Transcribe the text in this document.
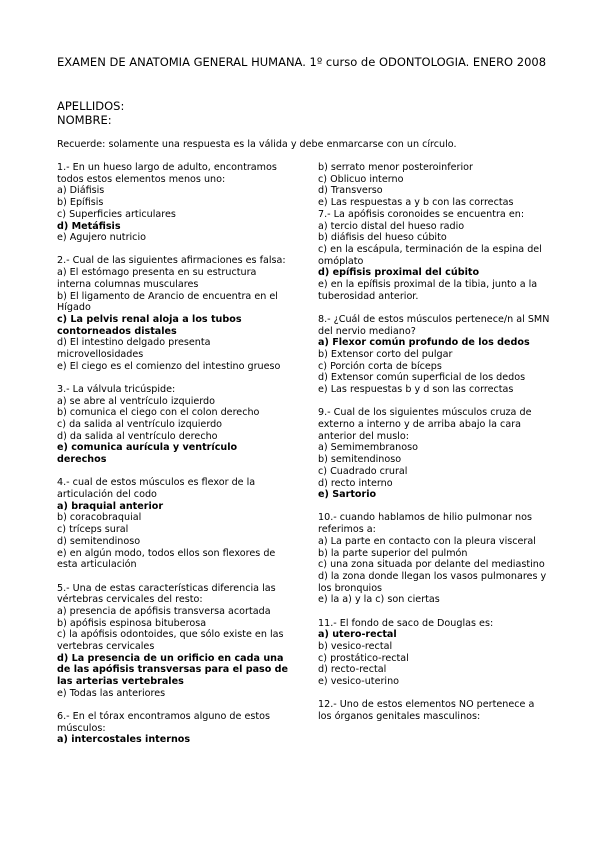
EXAMEN DE ANATOMIA GENERAL HUMANA. 1º curso de ODONTOLOGIA. ENERO 2008
APELLIDOS:
NOMBRE:
Recuerde: solamente una respuesta es la válida y debe enmarcarse con un círculo.
1.- En un hueso largo de adulto, encontramos todos estos elementos menos uno:
a) Diáfisis
b) Epífisis
c) Superficies articulares
d) Metáfisis
e) Agujero nutricio
2.- Cual de las siguientes afirmaciones es falsa:
a) El estómago presenta en su estructura interna columnas musculares
b) El ligamento de Arancio de encuentra en el Hígado
c) La pelvis renal aloja a los tubos contorneados distales
d) El intestino delgado presenta microvellosidades
e) El ciego es el comienzo del intestino grueso
3.- La válvula tricúspide:
a) se abre al ventrículo izquierdo
b) comunica el ciego con el colon derecho
c) da salida al ventrículo izquierdo
d) da salida al ventrículo derecho
e) comunica aurícula y ventrículo derechos
4.- cual de estos músculos es flexor de la articulación del codo
a) braquial anterior
b) coracobraquial
c) tríceps sural
d) semitendinoso
e) en algún modo, todos ellos son flexores de esta articulación
5.- Una de estas características diferencia las vértebras cervicales del resto:
a) presencia de apófisis transversa acortada
b) apófisis espinosa bituberosa
c) la apófisis odontoides, que sólo existe en las vertebras cervicales
d) La presencia de un orificio en cada una de las apófisis transversas para el paso de las arterias vertebrales
e) Todas las anteriores
6.- En el tórax encontramos alguno de estos músculos:
a) intercostales internos
b) serrato menor posteroinferior
c) Oblicuo interno
d) Transverso
e) Las respuestas a y b con las correctas
7.- La apófisis coronoides se encuentra en:
a) tercio distal del hueso radio
b) diáfisis del hueso cúbito
c) en la escápula, terminación de la espina del omóplato
d) epífisis proximal del cúbito
e) en la epífisis proximal de la tibia, junto a la tuberosidad anterior.
8.- ¿Cuál de estos músculos pertenece/n al SMN del nervio mediano?
a) Flexor común profundo de los dedos
b) Extensor corto del pulgar
c) Porción corta de bíceps
d) Extensor común superficial de los dedos
e) Las respuestas b y d son las correctas
9.- Cual de los siguientes músculos cruza de externo a interno y de arriba abajo la cara anterior del muslo:
a) Semimembranoso
b) semitendinoso
c) Cuadrado crural
d) recto interno
e) Sartorio
10.- cuando hablamos de hilio pulmonar nos referimos a:
a) La parte en contacto con la pleura visceral
b) la parte superior del pulmón
c) una zona situada por delante del mediastino
d) la zona donde llegan los vasos pulmonares y los bronquios
e) la a) y la c) son ciertas
11.- El fondo de saco de Douglas es:
a) utero-rectal
b) vesico-rectal
c) prostático-rectal
d) recto-rectal
e) vesico-uterino
12.- Uno de estos elementos NO pertenece a los órganos genitales masculinos:
